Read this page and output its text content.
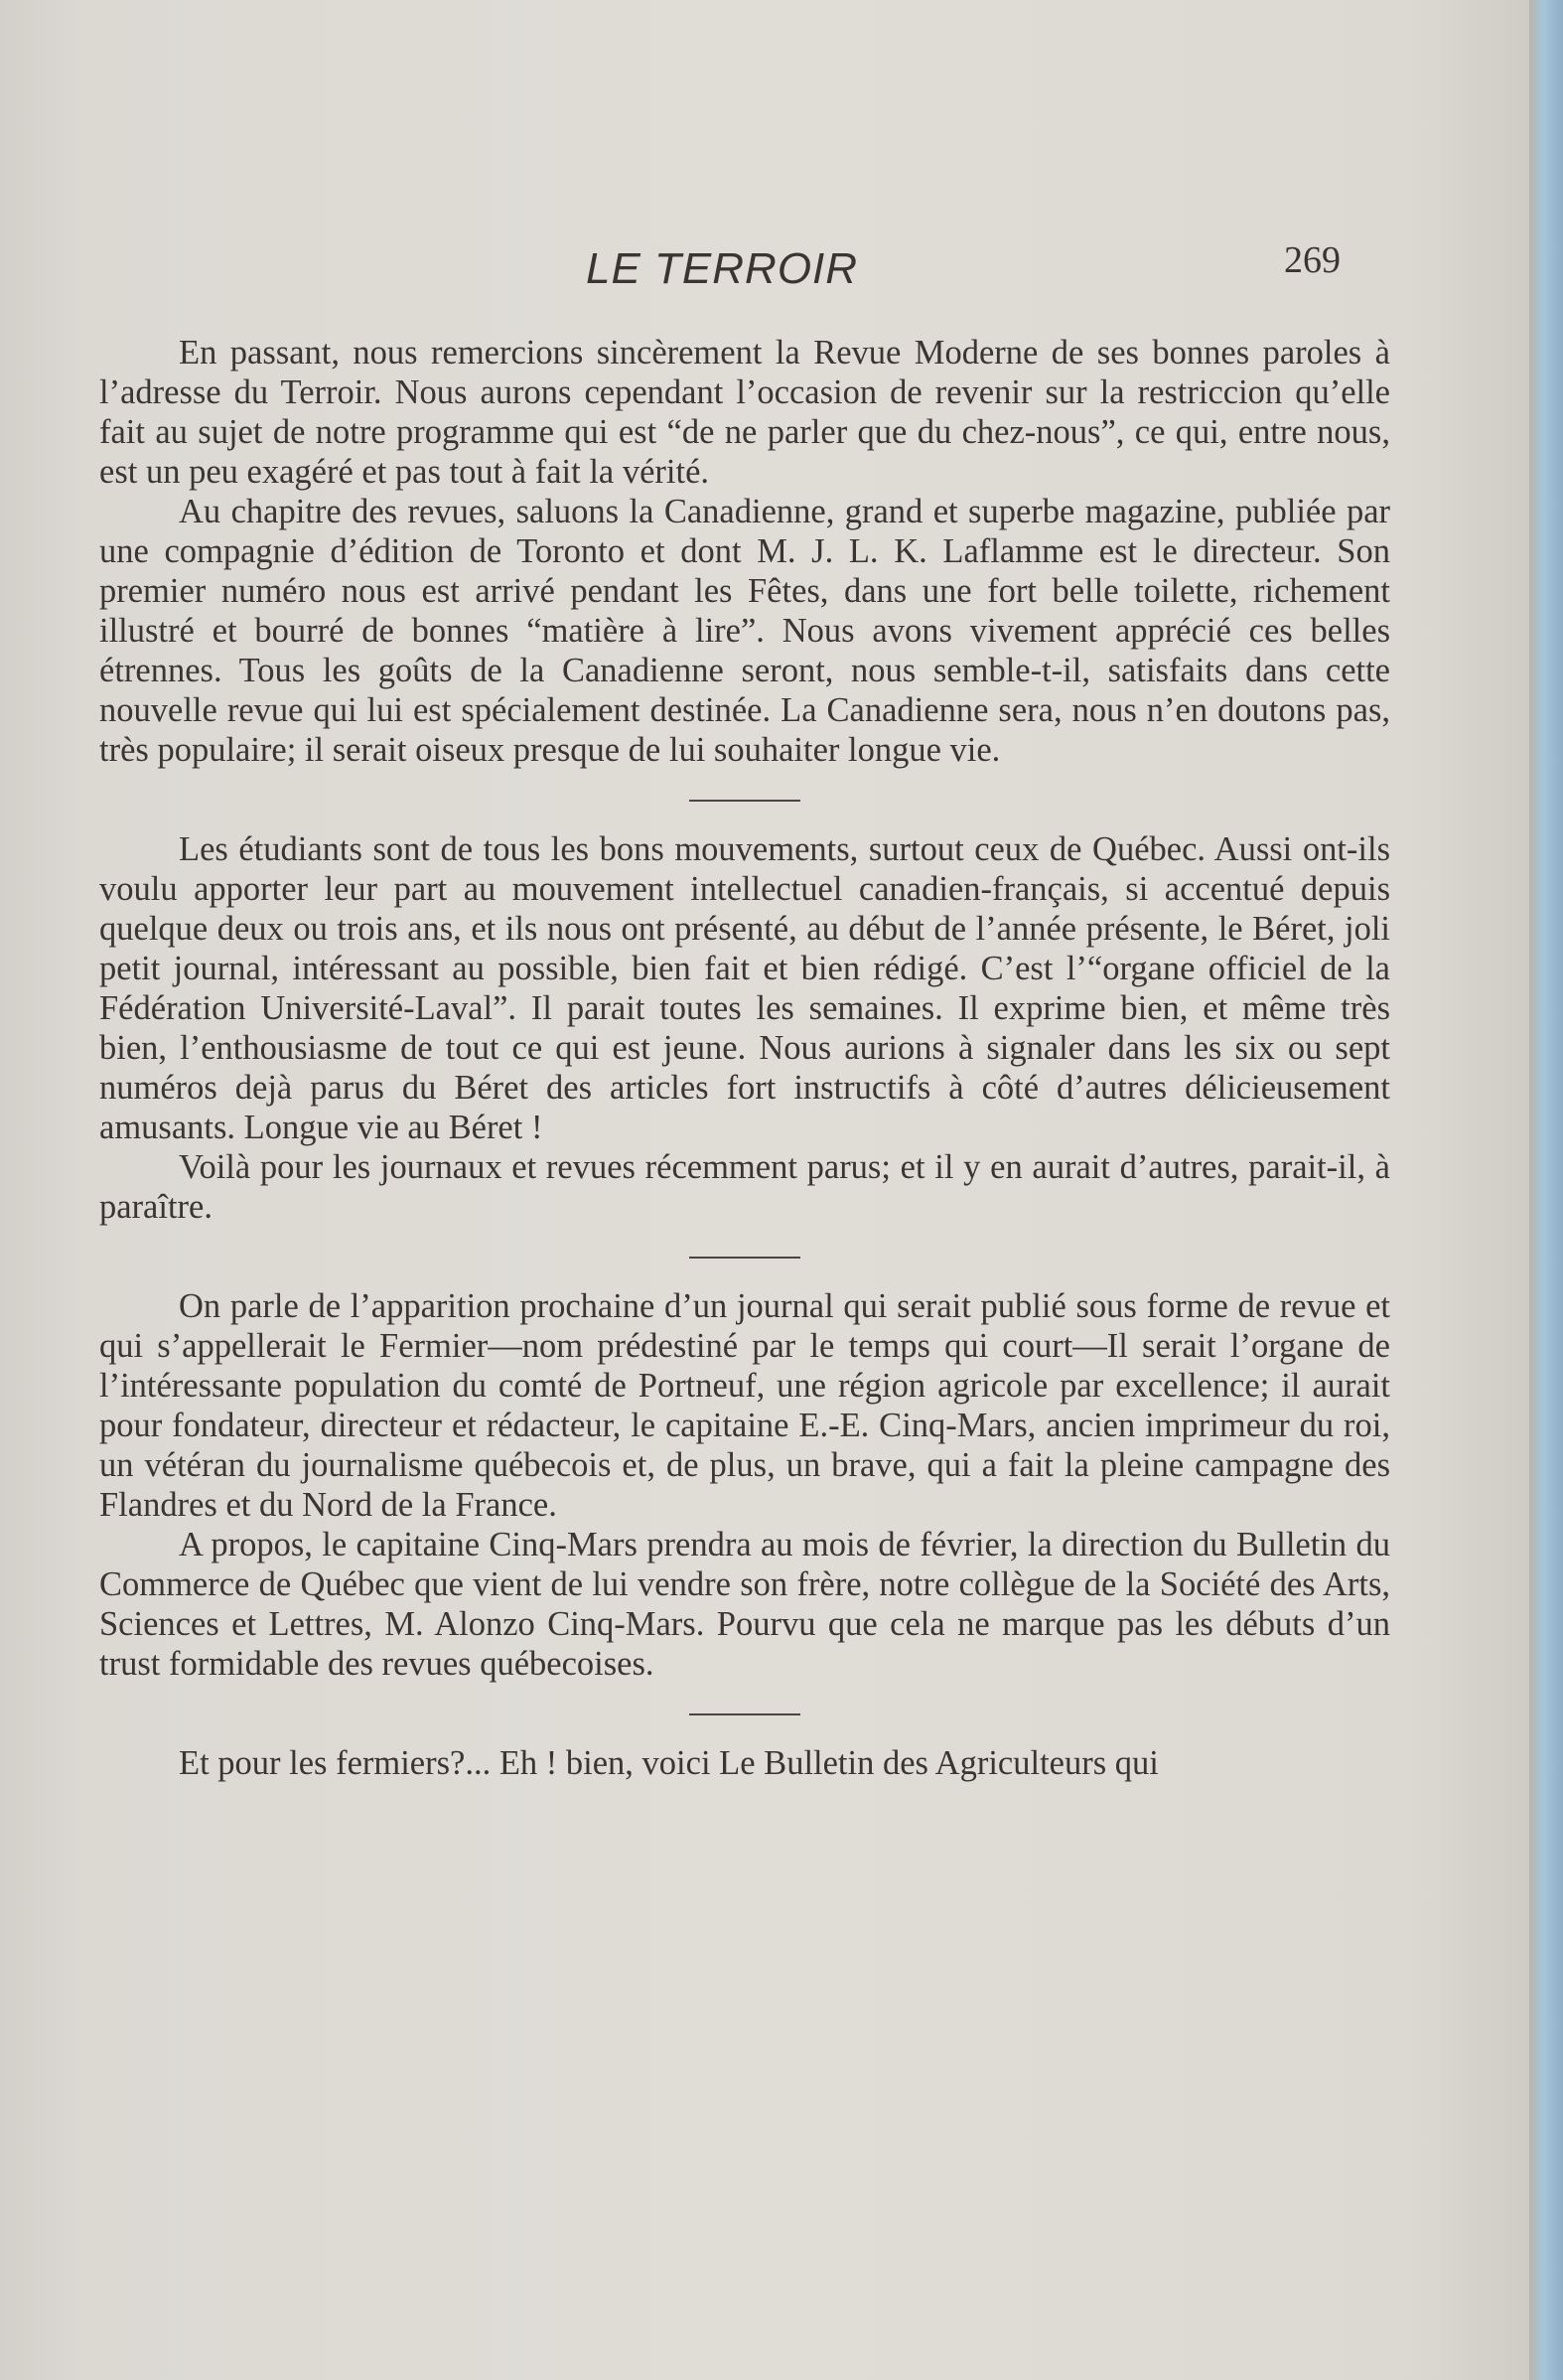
LE TERROIR	269

En passant, nous remercions sincèrement la Revue Moderne de ses bonnes paroles à l’adresse du Terroir. Nous aurons cependant l’occasion de revenir sur la restriccion qu’elle fait au sujet de notre programme qui est “de ne parler que du chez-nous”, ce qui, entre nous, est un peu exagéré et pas tout à fait la vérité.

Au chapitre des revues, saluons la Canadienne, grand et superbe magazine, publiée par une compagnie d’édition de Toronto et dont M. J. L. K. Laflamme est le directeur. Son premier numéro nous est arrivé pendant les Fêtes, dans une fort belle toilette, richement illustré et bourré de bonnes “matière à lire”. Nous avons vivement apprécié ces belles étrennes. Tous les goûts de la Canadienne seront, nous semble-t-il, satisfaits dans cette nouvelle revue qui lui est spécialement destinée. La Canadienne sera, nous n’en doutons pas, très populaire; il serait oiseux presque de lui souhaiter longue vie.

Les étudiants sont de tous les bons mouvements, surtout ceux de Québec. Aussi ont-ils voulu apporter leur part au mouvement intellectuel canadien-français, si accentué depuis quelque deux ou trois ans, et ils nous ont présenté, au début de l’année présente, le Béret, joli petit journal, intéressant au possible, bien fait et bien rédigé. C’est l’“organe officiel de la Fédération Université-Laval”. Il parait toutes les semaines. Il exprime bien, et même très bien, l’enthousiasme de tout ce qui est jeune. Nous aurions à signaler dans les six ou sept numéros dejà parus du Béret des articles fort instructifs à côté d’autres délicieusement amusants. Longue vie au Béret !

Voilà pour les journaux et revues récemment parus; et il y en aurait d’autres, parait-il, à paraître.

On parle de l’apparition prochaine d’un journal qui serait publié sous forme de revue et qui s’appellerait le Fermier—nom prédestiné par le temps qui court—Il serait l’organe de l’intéressante population du comté de Portneuf, une région agricole par excellence; il aurait pour fondateur, directeur et rédacteur, le capitaine E.-E. Cinq-Mars, ancien imprimeur du roi, un vétéran du journalisme québecois et, de plus, un brave, qui a fait la pleine campagne des Flandres et du Nord de la France.

A propos, le capitaine Cinq-Mars prendra au mois de février, la direction du Bulletin du Commerce de Québec que vient de lui vendre son frère, notre collègue de la Société des Arts, Sciences et Lettres, M. Alonzo Cinq-Mars. Pourvu que cela ne marque pas les débuts d’un trust formidable des revues québecoises.

Et pour les fermiers?... Eh ! bien, voici Le Bulletin des Agriculteurs qui
